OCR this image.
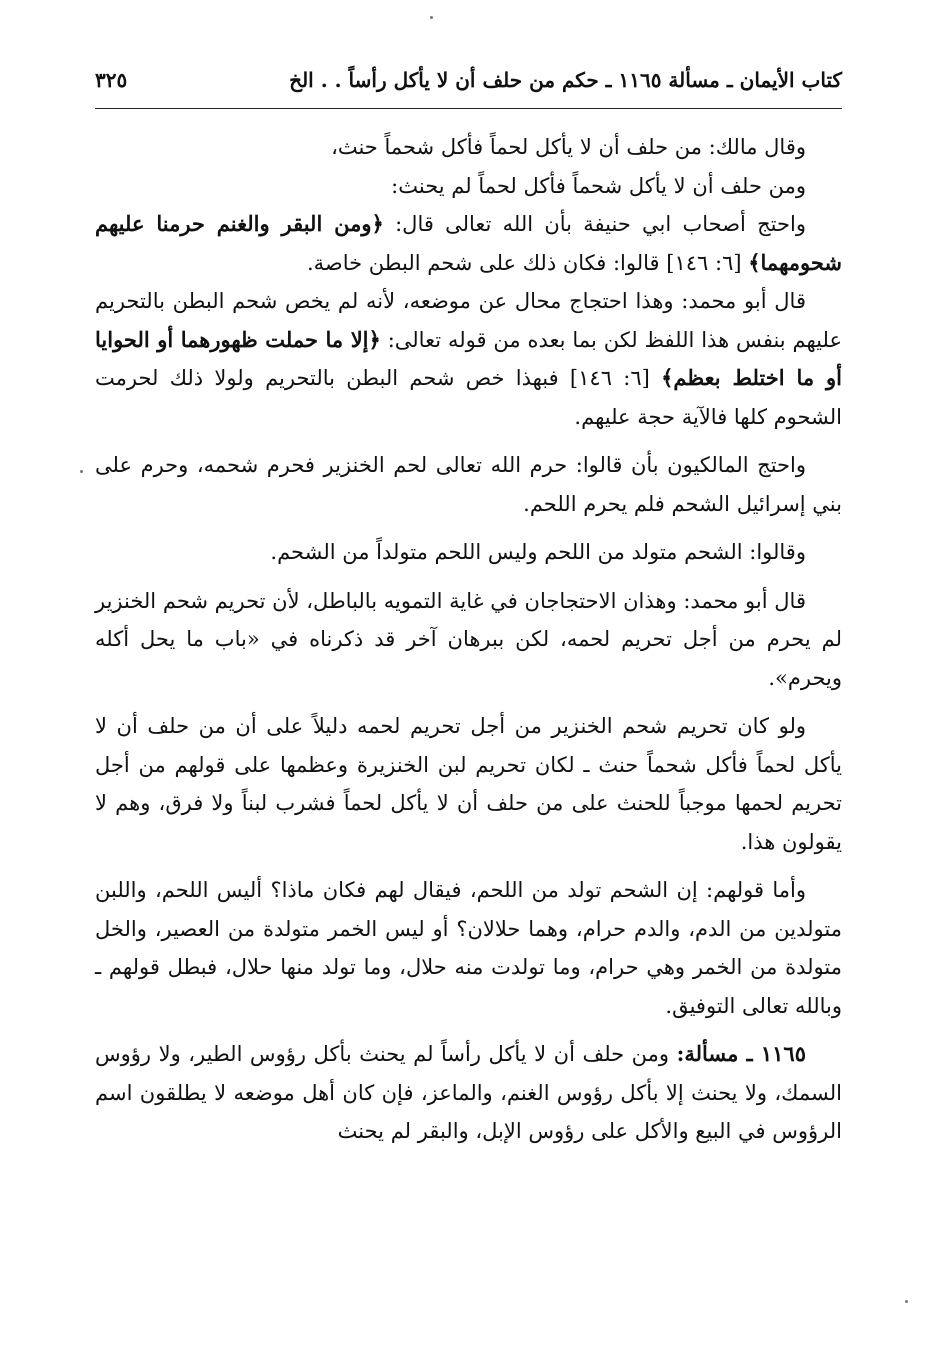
كتاب الأيمان ـ مسألة ١١٦٥ ـ حكم من حلف أن لا يأكل رأساً . . الخ
٣٢٥

وقال مالك: من حلف أن لا يأكل لحماً فأكل شحماً حنث،

ومن حلف أن لا يأكل شحماً فأكل لحماً لم يحنث:

واحتج أصحاب ابي حنيفة بأن الله تعالى قال: ﴿ومن البقر والغنم حرمنا عليهم شحومهما﴾ [٦: ١٤٦] قالوا: فكان ذلك على شحم البطن خاصة.

قال أبو محمد: وهذا احتجاج محال عن موضعه، لأنه لم يخص شحم البطن بالتحريم عليهم بنفس هذا اللفظ لكن بما بعده من قوله تعالى: ﴿إلا ما حملت ظهورهما أو الحوايا أو ما اختلط بعظم﴾ [٦: ١٤٦] فبهذا خص شحم البطن بالتحريم ولولا ذلك لحرمت الشحوم كلها فالآية حجة عليهم.

واحتج المالكيون بأن قالوا: حرم الله تعالى لحم الخنزير فحرم شحمه، وحرم على بني إسرائيل الشحم فلم يحرم اللحم.

وقالوا: الشحم متولد من اللحم وليس اللحم متولداً من الشحم.

قال أبو محمد: وهذان الاحتجاجان في غاية التمويه بالباطل، لأن تحريم شحم الخنزير لم يحرم من أجل تحريم لحمه، لكن ببرهان آخر قد ذكرناه في «باب ما يحل أكله ويحرم».

ولو كان تحريم شحم الخنزير من أجل تحريم لحمه دليلاً على أن من حلف أن لا يأكل لحماً فأكل شحماً حنث ـ لكان تحريم لبن الخنزيرة وعظمها على قولهم من أجل تحريم لحمها موجباً للحنث على من حلف أن لا يأكل لحماً فشرب لبناً ولا فرق، وهم لا يقولون هذا.

وأما قولهم: إن الشحم تولد من اللحم، فيقال لهم فكان ماذا؟ أليس اللحم، واللبن متولدين من الدم، والدم حرام، وهما حلالان؟ أو ليس الخمر متولدة من العصير، والخل متولدة من الخمر وهي حرام، وما تولدت منه حلال، وما تولد منها حلال، فبطل قولهم ـ وبالله تعالى التوفيق.

١١٦٥ ـ مسألة: ومن حلف أن لا يأكل رأساً لم يحنث بأكل رؤوس الطير، ولا رؤوس السمك، ولا يحنث إلا بأكل رؤوس الغنم، والماعز، فإن كان أهل موضعه لا يطلقون اسم الرؤوس في البيع والأكل على رؤوس الإبل، والبقر لم يحنث
